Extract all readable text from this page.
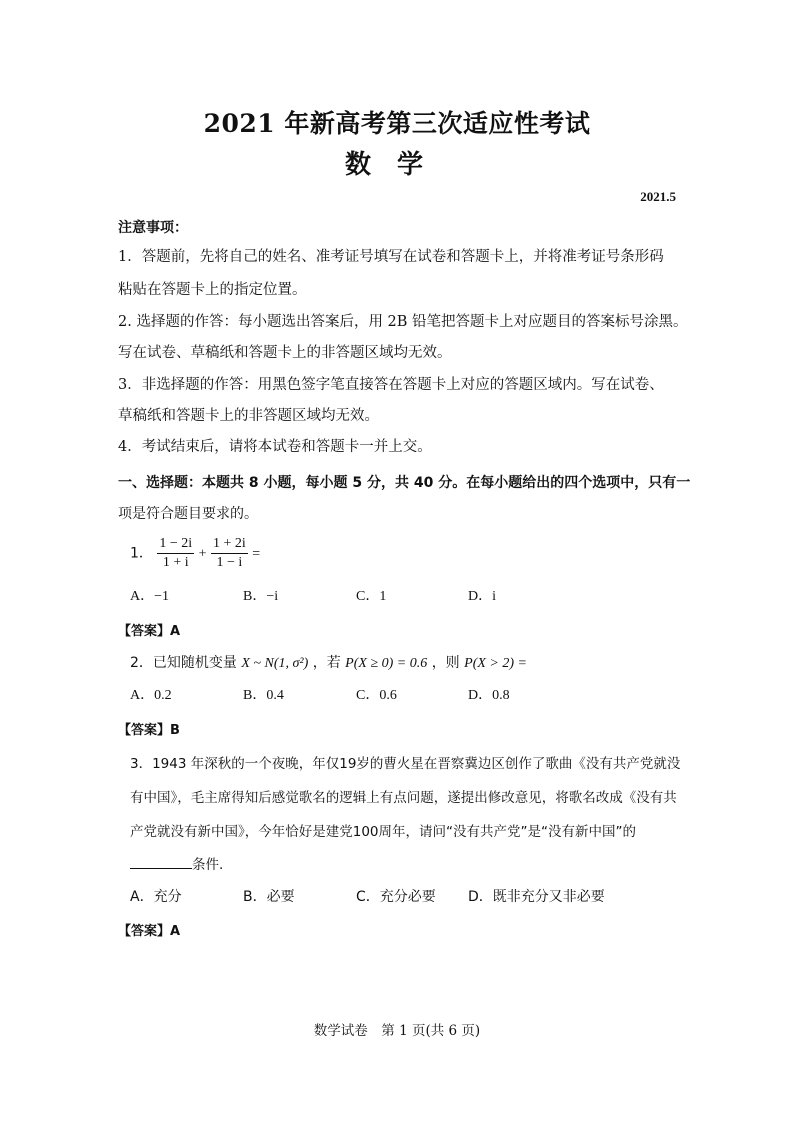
2021 年新高考第三次适应性考试
数学
2021.5
注意事项：
1．答题前，先将自己的姓名、准考证号填写在试卷和答题卡上，并将准考证号条形码
粘贴在答题卡上的指定位置。
2. 选择题的作答：每小题选出答案后，用 2B 铅笔把答题卡上对应题目的答案标号涂黑。
写在试卷、草稿纸和答题卡上的非答题区域均无效。
3．非选择题的作答：用黑色签字笔直接答在答题卡上对应的答题区域内。写在试卷、
草稿纸和答题卡上的非答题区域均无效。
4．考试结束后，请将本试卷和答题卡一并上交。
一、选择题：本题共 8 小题，每小题 5 分，共 40 分。在每小题给出的四个选项中，只有一
项是符合题目要求的。
1． $\frac{1 - 2i}{1 + i} + \frac{1 + 2i}{1 - i}$ =
A．−1	B．−i	C．1	D．i
【答案】A
2．已知随机变量 X ~ N(1, σ²) ，若 P(X ≥ 0) = 0.6 ，则 P(X > 2) =
A．0.2	B．0.4	C．0.6	D．0.8
【答案】B
3．1943 年深秋的一个夜晚，年仅19岁的曹火星在晋察冀边区创作了歌曲《没有共产党就没
有中国》，毛主席得知后感觉歌名的逻辑上有点问题，遂提出修改意见，将歌名改成《没有共
产党就没有新中国》，今年恰好是建党100周年，请问“没有共产党”是“没有新中国”的
条件.
A．充分	B．必要	C．充分必要 D．既非充分又非必要
【答案】A
数学试卷　第 1 页(共 6 页)
